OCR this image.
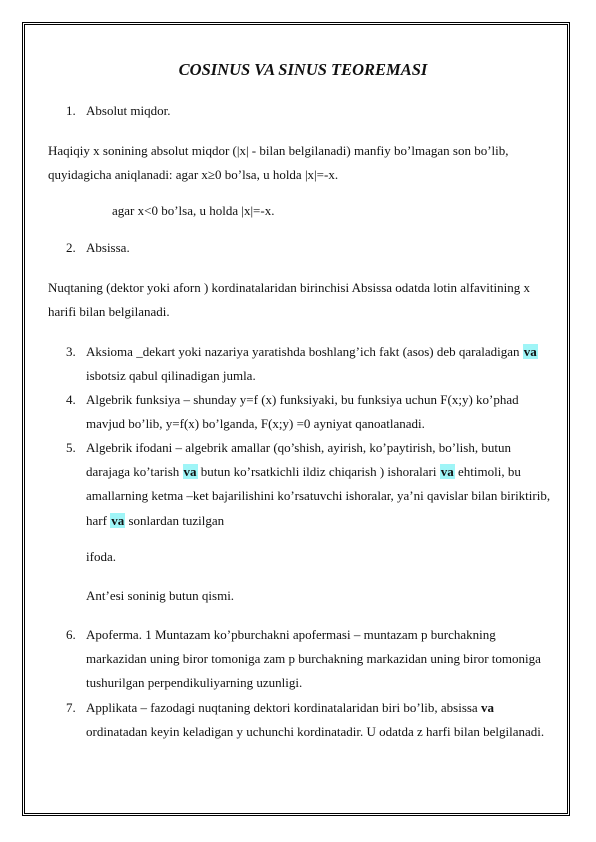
COSINUS VA SINUS TEOREMASI
1. Absolut miqdor.
Haqiqiy x sonining absolut miqdor (|x| - bilan belgilanadi) manfiy bo’lmagan son bo’lib, quyidagicha aniqlanadi: agar x≥0 bo’lsa, u holda |x|=-x.
agar x<0 bo’lsa, u holda |x|=-x.
2. Absissa.
Nuqtaning (dektor yoki aforn ) kordinatalaridan birinchisi Absissa odatda lotin alfavitining x harifi bilan belgilanadi.
3. Aksioma _dekart yoki nazariya yaratishda boshlang’ich fakt (asos) deb qaraladigan va isbotsiz qabul qilinadigan jumla.
4. Algebrik funksiya – shunday y=f (x) funksiyaki, bu funksiya uchun F(x;y) ko’phad mavjud bo’lib, y=f(x) bo’lganda, F(x;y) =0 ayniyat qanoatlanadi.
5. Algebrik ifodani – algebrik amallar (qo’shish, ayirish, ko’paytirish, bo’lish, butun darajaga ko’tarish va butun ko’rsatkichli ildiz chiqarish ) ishoralari va ehtimoli, bu amallarning ketma –ket bajarilishini ko’rsatuvchi ishoralar, ya’ni qavislar bilan biriktirib, harf va sonlardan tuzilgan
ifoda.
Ant’esi soninig butun qismi.
6. Apoferma. 1 Muntazam ko’pburchakni apofermasi – muntazam p burchakning markazidan uning biror tomoniga zam p burchakning markazidan uning biror tomoniga tushurilgan perpendikuliyarning uzunligi.
7. Applikata – fazodagi nuqtaning dektori kordinatalaridan biri bo’lib, absissa va ordinatadan keyin keladigan y uchunchi kordinatadir. U odatda z harfi bilan belgilanadi.
